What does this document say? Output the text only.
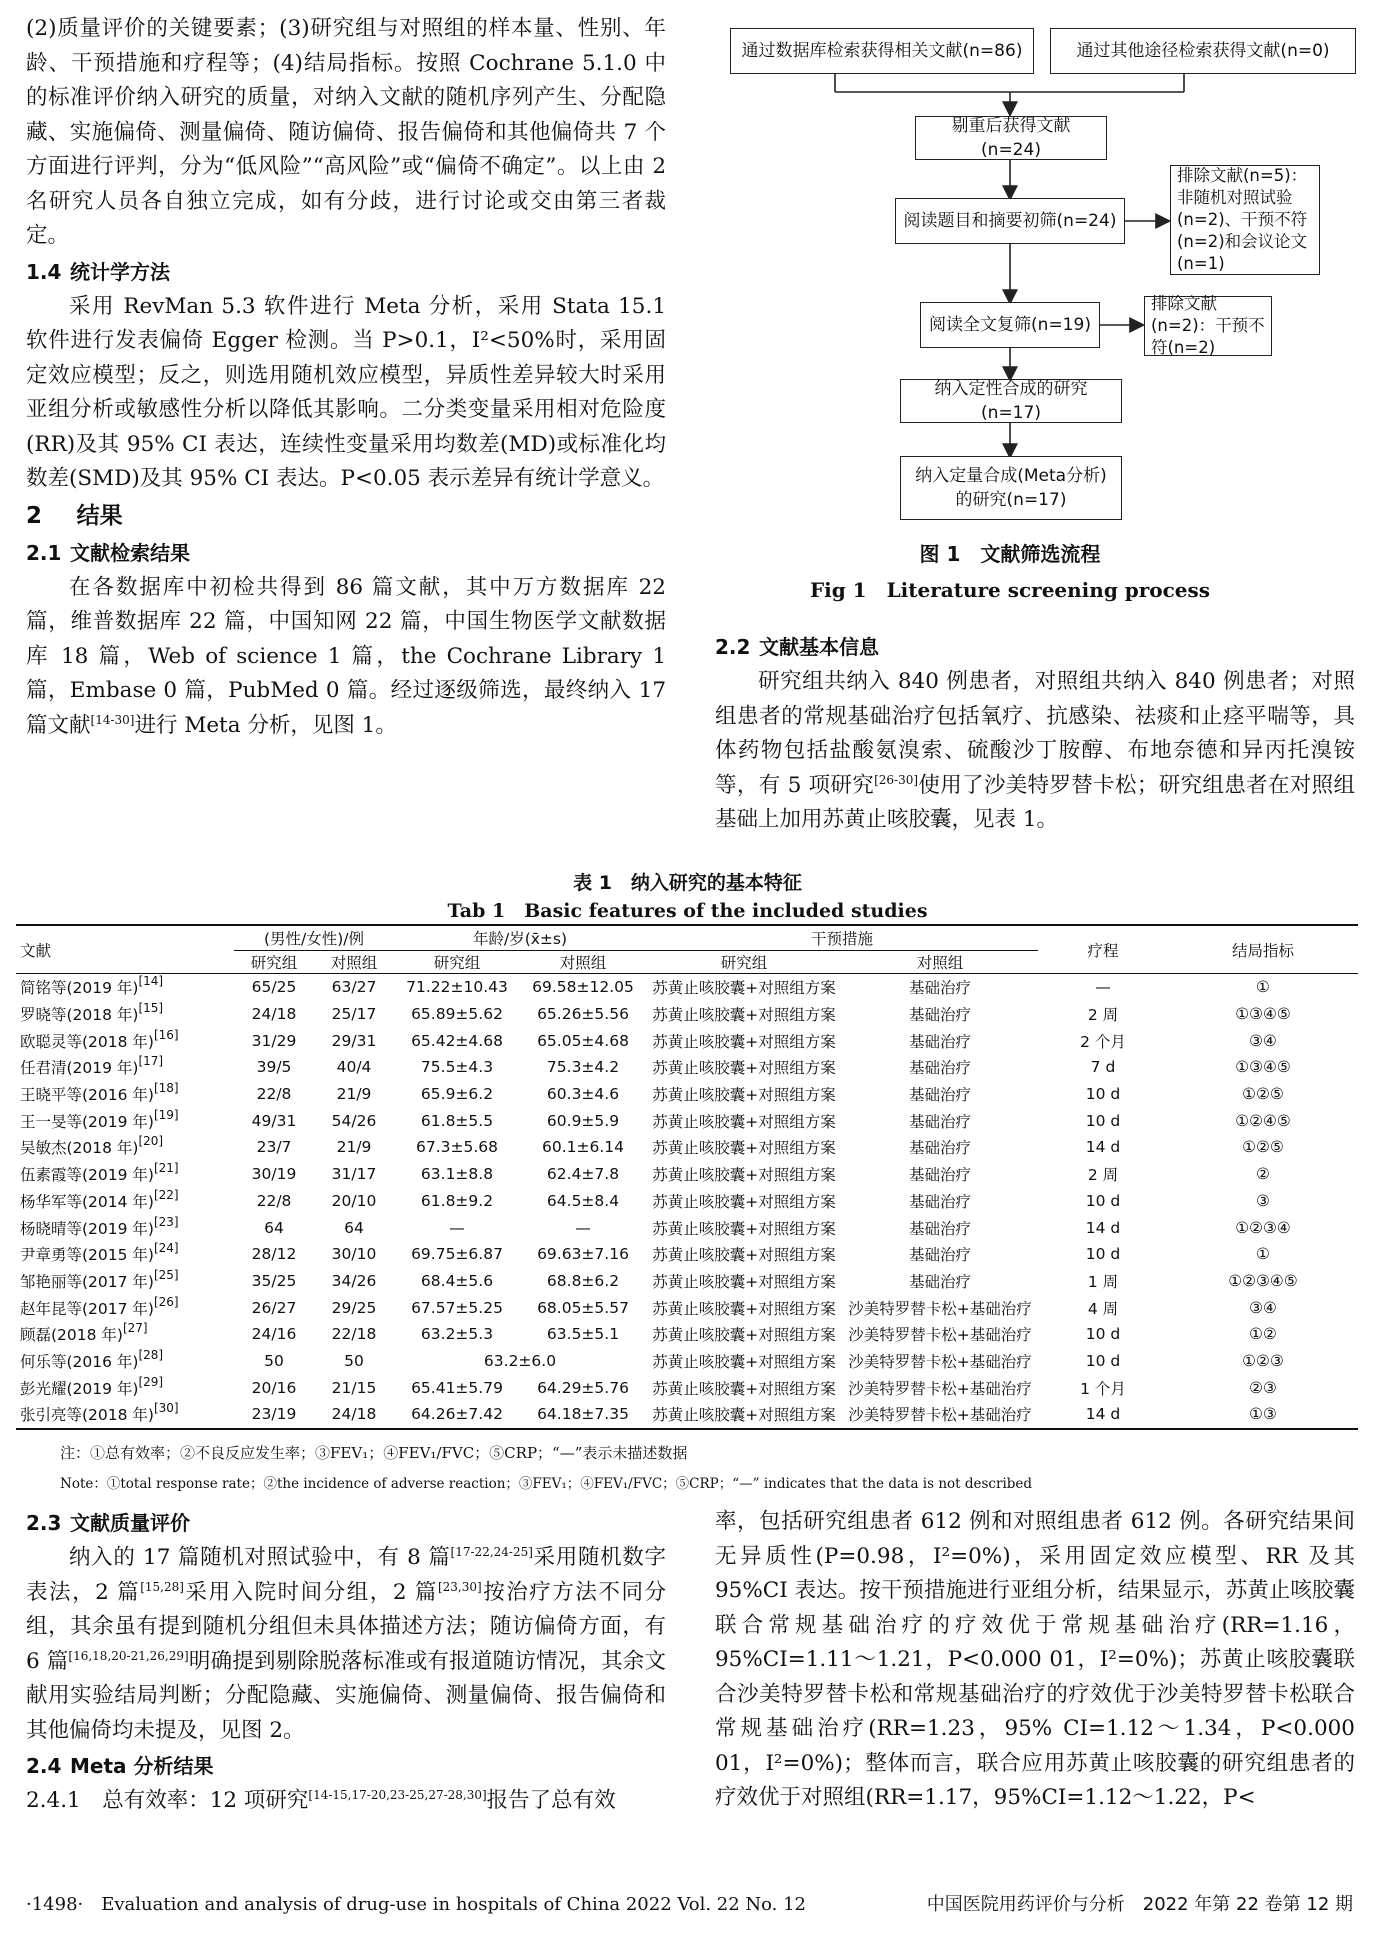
(2)质量评价的关键要素；(3)研究组与对照组的样本量、性别、年龄、干预措施和疗程等；(4)结局指标。按照 Cochrane 5.1.0 中的标准评价纳入研究的质量，对纳入文献的随机序列产生、分配隐藏、实施偏倚、测量偏倚、随访偏倚、报告偏倚和其他偏倚共 7 个方面进行评判，分为“低风险”“高风险”或“偏倚不确定”。以上由 2 名研究人员各自独立完成，如有分歧，进行讨论或交由第三者裁定。

1.4 统计学方法

采用 RevMan 5.3 软件进行 Meta 分析，采用 Stata 15.1 软件进行发表偏倚 Egger 检测。当 P>0.1，I²<50%时，采用固定效应模型；反之，则选用随机效应模型，异质性差异较大时采用亚组分析或敏感性分析以降低其影响。二分类变量采用相对危险度(RR)及其 95% CI 表达，连续性变量采用均数差(MD)或标准化均数差(SMD)及其 95% CI 表达。P<0.05 表示差异有统计学意义。

2 结果
2.1 文献检索结果

在各数据库中初检共得到 86 篇文献，其中万方数据库 22 篇，维普数据库 22 篇，中国知网 22 篇，中国生物医学文献数据库 18 篇，Web of science 1 篇，the Cochrane Library 1 篇，Embase 0 篇，PubMed 0 篇。经过逐级筛选，最终纳入 17 篇文献[14-30]进行 Meta 分析，见图 1。

通过数据库检索获得相关文献(n=86)	通过其他途径检索获得文献(n=0)
剔重后获得文献(n=24)
阅读题目和摘要初筛(n=24)
排除文献(n=5)：非随机对照试验(n=2)、干预不符(n=2)和会议论文(n=1)
阅读全文复筛(n=19)
排除文献(n=2)：干预不符(n=2)
纳入定性合成的研究(n=17)
纳入定量合成(Meta分析)的研究(n=17)
图 1　文献筛选流程
Fig 1　Literature screening process
2.2 文献基本信息

研究组共纳入 840 例患者，对照组共纳入 840 例患者；对照组患者的常规基础治疗包括氧疗、抗感染、祛痰和止痉平喘等，具体药物包括盐酸氨溴索、硫酸沙丁胺醇、布地奈德和异丙托溴铵等，有 5 项研究[26-30]使用了沙美特罗替卡松；研究组患者在对照组基础上加用苏黄止咳胶囊，见表 1。

表 1　纳入研究的基本特征
Tab 1　Basic features of the included studies
文献	(男性/女性)/例		年龄/岁(x̄±s)		干预措施		疗程	结局指标
	研究组	对照组	研究组	对照组	研究组	对照组		
简铭等(2019 年)[14]	65/25	63/27	71.22±10.43	69.58±12.05	苏黄止咳胶囊+对照组方案	基础治疗	—	①
罗晓等(2018 年)[15]	24/18	25/17	65.89±5.62	65.26±5.56	苏黄止咳胶囊+对照组方案	基础治疗	2 周	①③④⑤
欧聪灵等(2018 年)[16]	31/29	29/31	65.42±4.68	65.05±4.68	苏黄止咳胶囊+对照组方案	基础治疗	2 个月	③④
任君清(2019 年)[17]	39/5	40/4	75.5±4.3	75.3±4.2	苏黄止咳胶囊+对照组方案	基础治疗	7 d	①③④⑤
王晓平等(2016 年)[18]	22/8	21/9	65.9±6.2	60.3±4.6	苏黄止咳胶囊+对照组方案	基础治疗	10 d	①②⑤
王一旻等(2019 年)[19]	49/31	54/26	61.8±5.5	60.9±5.9	苏黄止咳胶囊+对照组方案	基础治疗	10 d	①②④⑤
吴敏杰(2018 年)[20]	23/7	21/9	67.3±5.68	60.1±6.14	苏黄止咳胶囊+对照组方案	基础治疗	14 d	①②⑤
伍素霞等(2019 年)[21]	30/19	31/17	63.1±8.8	62.4±7.8	苏黄止咳胶囊+对照组方案	基础治疗	2 周	②
杨华军等(2014 年)[22]	22/8	20/10	61.8±9.2	64.5±8.4	苏黄止咳胶囊+对照组方案	基础治疗	10 d	③
杨晓晴等(2019 年)[23]	64	64	—	—	苏黄止咳胶囊+对照组方案	基础治疗	14 d	①②③④
尹章勇等(2015 年)[24]	28/12	30/10	69.75±6.87	69.63±7.16	苏黄止咳胶囊+对照组方案	基础治疗	10 d	①
邹艳丽等(2017 年)[25]	35/25	34/26	68.4±5.6	68.8±6.2	苏黄止咳胶囊+对照组方案	基础治疗	1 周	①②③④⑤
赵年昆等(2017 年)[26]	26/27	29/25	67.57±5.25	68.05±5.57	苏黄止咳胶囊+对照组方案	沙美特罗替卡松+基础治疗	4 周	③④
顾磊(2018 年)[27]	24/16	22/18	63.2±5.3	63.5±5.1	苏黄止咳胶囊+对照组方案	沙美特罗替卡松+基础治疗	10 d	①②
何乐等(2016 年)[28]	50	50	63.2±6.0		苏黄止咳胶囊+对照组方案	沙美特罗替卡松+基础治疗	10 d	①②③
彭光耀(2019 年)[29]	20/16	21/15	65.41±5.79	64.29±5.76	苏黄止咳胶囊+对照组方案	沙美特罗替卡松+基础治疗	1 个月	②③
张引亮等(2018 年)[30]	23/19	24/18	64.26±7.42	64.18±7.35	苏黄止咳胶囊+对照组方案	沙美特罗替卡松+基础治疗	14 d	①③
注：①总有效率；②不良反应发生率；③FEV₁；④FEV₁/FVC；⑤CRP；“—”表示未描述数据
Note：①total response rate；②the incidence of adverse reaction；③FEV₁；④FEV₁/FVC；⑤CRP；“—” indicates that the data is not described
2.3 文献质量评价

纳入的 17 篇随机对照试验中，有 8 篇[17-22,24-25]采用随机数字表法，2 篇[15,28]采用入院时间分组，2 篇[23,30]按治疗方法不同分组，其余虽有提到随机分组但未具体描述方法；随访偏倚方面，有 6 篇[16,18,20-21,26,29]明确提到剔除脱落标准或有报道随访情况，其余文献用实验结局判断；分配隐藏、实施偏倚、测量偏倚、报告偏倚和其他偏倚均未提及，见图 2。

2.4 Meta 分析结果

2.4.1　总有效率：12 项研究[14-15,17-20,23-25,27-28,30]报告了总有效

率，包括研究组患者 612 例和对照组患者 612 例。各研究结果间无异质性(P=0.98，I²=0%)，采用固定效应模型、RR 及其 95%CI 表达。按干预措施进行亚组分析，结果显示，苏黄止咳胶囊联合常规基础治疗的疗效优于常规基础治疗(RR=1.16，95%CI=1.11～1.21，P<0.000 01，I²=0%)；苏黄止咳胶囊联合沙美特罗替卡松和常规基础治疗的疗效优于沙美特罗替卡松联合常规基础治疗(RR=1.23，95% CI=1.12～1.34，P<0.000 01，I²=0%)；整体而言，联合应用苏黄止咳胶囊的研究组患者的疗效优于对照组(RR=1.17，95%CI=1.12～1.22，P<

·1498·　Evaluation and analysis of drug-use in hospitals of China 2022 Vol. 22 No. 12	中国医院用药评价与分析　2022 年第 22 卷第 12 期
